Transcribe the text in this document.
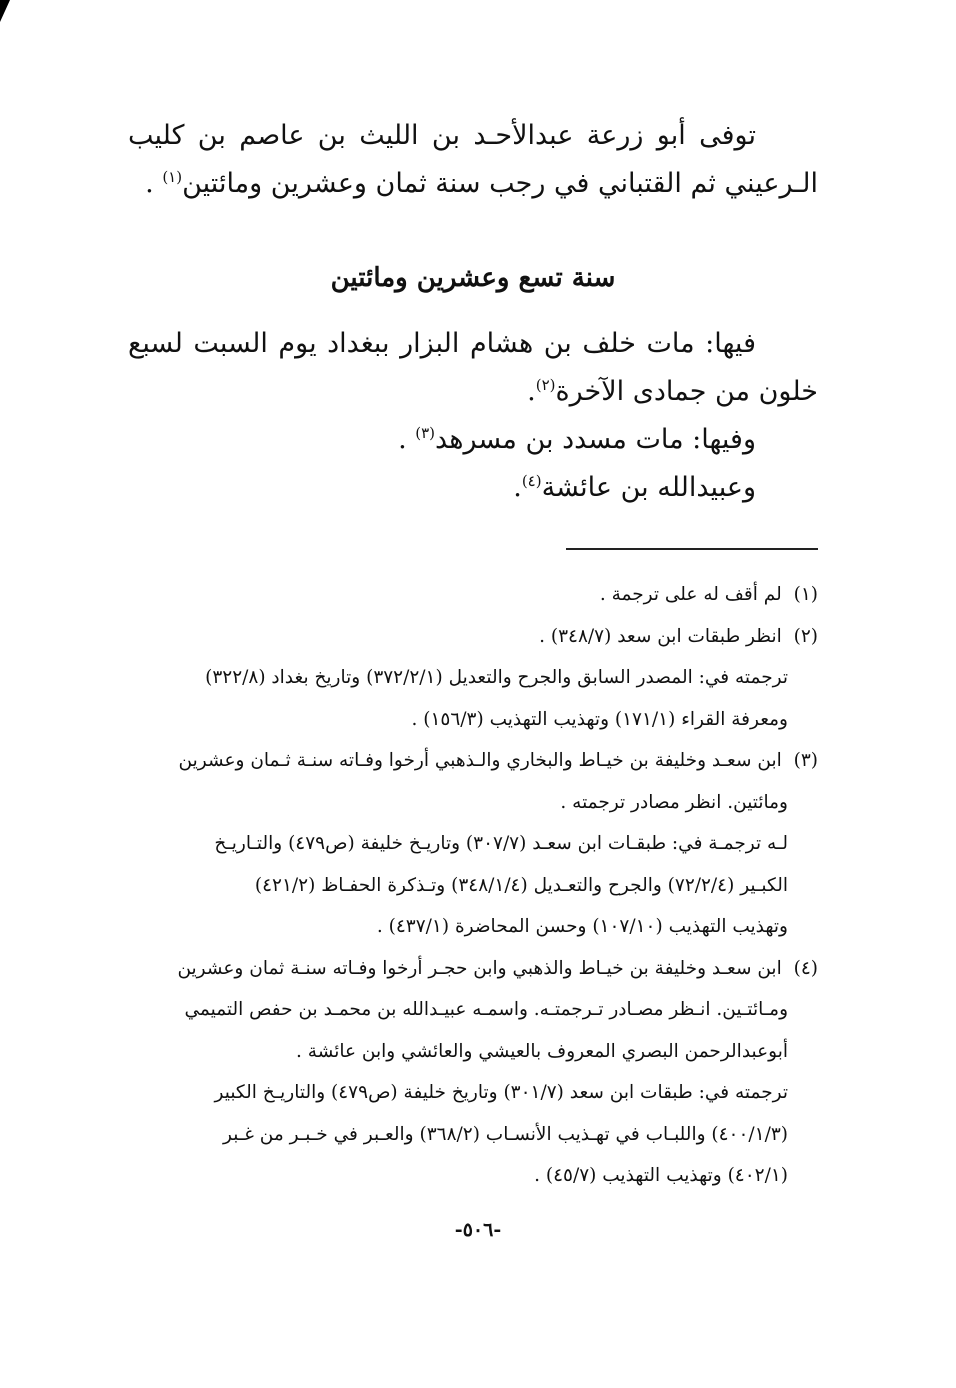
توفى أبو زرعة عبدالأحـد بن الليث بن عاصم بن كليب الـرعيني ثم القتباني في رجب سنة ثمان وعشرين ومائتين$^{(١)}$ .

سنة تسع وعشرين ومائتين

فيها: مات خلف بن هشام البزار ببغداد يوم السبت لسبع خلون من جمادى الآخرة$^{(٢)}$.

وفيها: مات مسدد بن مسرهد$^{(٣)}$ .

وعبيدالله بن عائشة$^{(٤)}$.

(١) لم أقف له على ترجمة .

(٢) انظر طبقات ابن سعد (٣٤٨/٧) .

ترجمته في: المصدر السابق والجرح والتعديل (٣٧٢/٢/١) وتاريخ بغداد (٣٢٢/٨)

ومعرفة القراء (١٧١/١) وتهذيب التهذيب (١٥٦/٣) .

(٣) ابن سعـد وخليفة بن خيـاط والبخاري والـذهبي أرخوا وفـاته سنـة ثـمان وعشرين

ومائتين. انظر مصادر ترجمته .

لـه ترجمـة في: طبقـات ابن سعـد (٣٠٧/٧) وتاريـخ خليفة (ص٤٧٩) والتـاريـخ

الكبـير (٧٢/٢/٤) والجرح والتعـديل (٣٤٨/١/٤) وتـذكرة الحفـاظ (٤٢١/٢)

وتهذيب التهذيب (١٠٧/١٠) وحسن المحاضرة (٤٣٧/١) .

(٤) ابن سعـد وخليفة بن خيـاط والذهبي وابن حجـر أرخوا وفـاته سنـة ثمان وعشرين

ومـائتـين. انـظر مصـادر تـرجمتـه. واسمـه عبيـدالله بن محمـد بن حفص التميمي

أبوعبدالرحمن البصري المعروف بالعيشي والعائشي وابن عائشة .

ترجمته في: طبقات ابن سعد (٣٠١/٧) وتاريخ خليفة (ص٤٧٩) والتاريـخ الكبير

(٤٠٠/١/٣) واللبـاب في تهـذيب الأنسـاب (٣٦٨/٢) والعـبر في خـبـر من غـبر

(٤٠٢/١) وتهذيب التهذيب (٤٥/٧) .

-٥٠٦-
